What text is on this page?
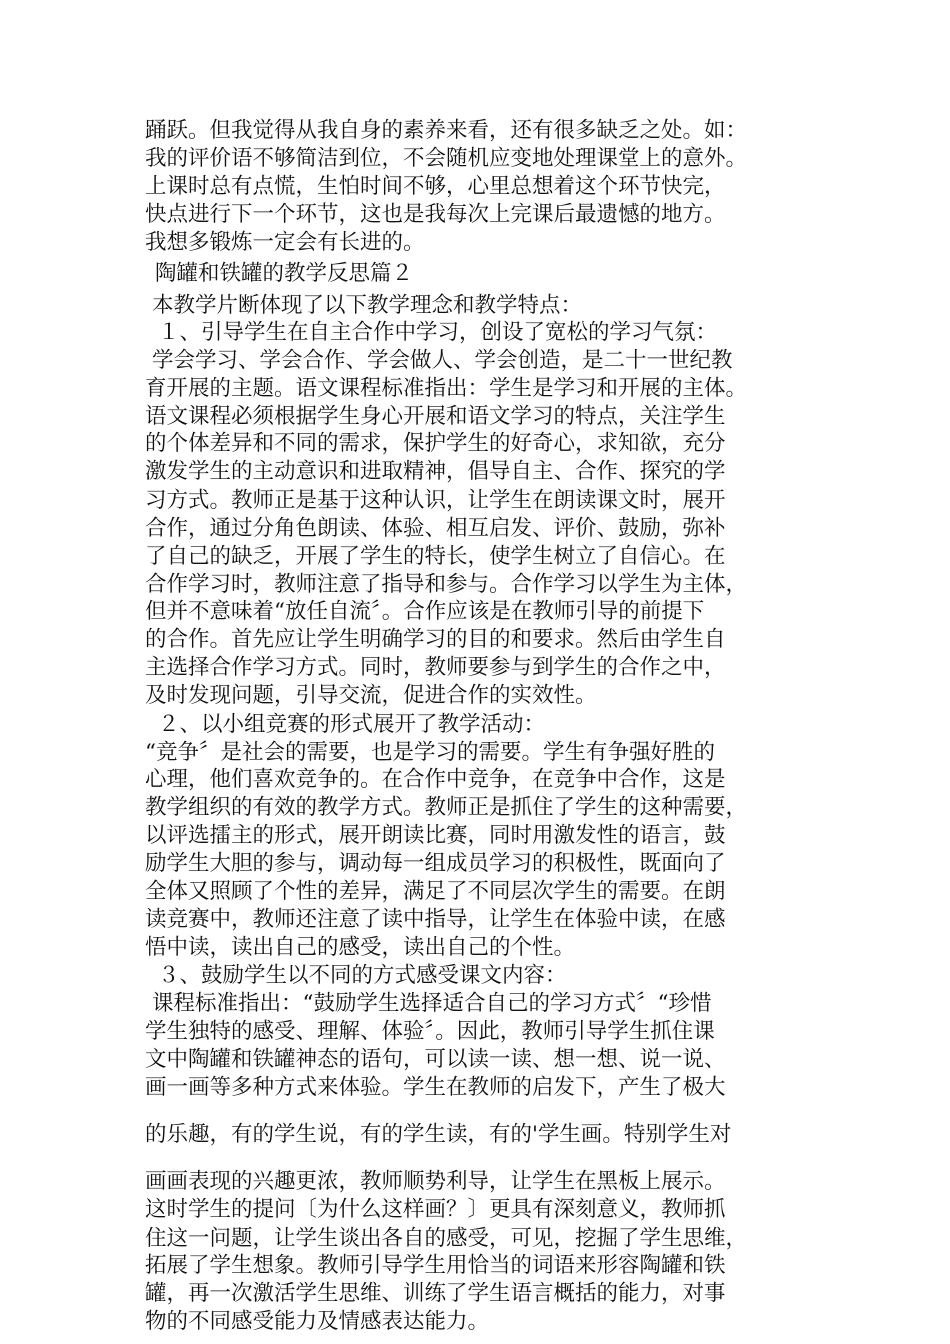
踊跃。但我觉得从我自身的素养来看，还有很多缺乏之处。如：
我的评价语不够简洁到位，不会随机应变地处理课堂上的意外。
上课时总有点慌，生怕时间不够，心里总想着这个环节快完，
快点进行下一个环节，这也是我每次上完课后最遗憾的地方。
我想多锻炼一定会有长进的。
陶罐和铁罐的教学反思篇２
本教学片断体现了以下教学理念和教学特点：
１、引导学生在自主合作中学习，创设了宽松的学习气氛：
学会学习、学会合作、学会做人、学会创造，是二十一世纪教
育开展的主题。语文课程标准指出：学生是学习和开展的主体。
语文课程必须根据学生身心开展和语文学习的特点，关注学生
的个体差异和不同的需求，保护学生的好奇心，求知欲，充分
激发学生的主动意识和进取精神，倡导自主、合作、探究的学
习方式。教师正是基于这种认识，让学生在朗读课文时，展开
合作，通过分角色朗读、体验、相互启发、评价、鼓励，弥补
了自己的缺乏，开展了学生的特长，使学生树立了自信心。在
合作学习时，教师注意了指导和参与。合作学习以学生为主体，
但并不意味着“放任自流〞。合作应该是在教师引导的前提下
的合作。首先应让学生明确学习的目的和要求。然后由学生自
主选择合作学习方式。同时，教师要参与到学生的合作之中，
及时发现问题，引导交流，促进合作的实效性。
２、以小组竞赛的形式展开了教学活动：
“竞争〞是社会的需要，也是学习的需要。学生有争强好胜的
心理，他们喜欢竞争的。在合作中竞争，在竞争中合作，这是
教学组织的有效的教学方式。教师正是抓住了学生的这种需要，
以评选擂主的形式，展开朗读比赛，同时用激发性的语言，鼓
励学生大胆的参与，调动每一组成员学习的积极性，既面向了
全体又照顾了个性的差异，满足了不同层次学生的需要。在朗
读竞赛中，教师还注意了读中指导，让学生在体验中读，在感
悟中读，读出自己的感受，读出自己的个性。
３、鼓励学生以不同的方式感受课文内容：
课程标准指出：“鼓励学生选择适合自己的学习方式〞“珍惜
学生独特的感受、理解、体验〞。因此，教师引导学生抓住课
文中陶罐和铁罐神态的语句，可以读一读、想一想、说一说、
画一画等多种方式来体验。学生在教师的启发下，产生了极大
的乐趣，有的学生说，有的学生读，有的'学生画。特别学生对
画画表现的兴趣更浓，教师顺势利导，让学生在黑板上展示。
这时学生的提问〔为什么这样画？〕更具有深刻意义，教师抓
住这一问题，让学生谈出各自的感受，可见，挖掘了学生思维，
拓展了学生想象。教师引导学生用恰当的词语来形容陶罐和铁
罐，再一次激活学生思维、训练了学生语言概括的能力，对事
物的不同感受能力及情感表达能力。
